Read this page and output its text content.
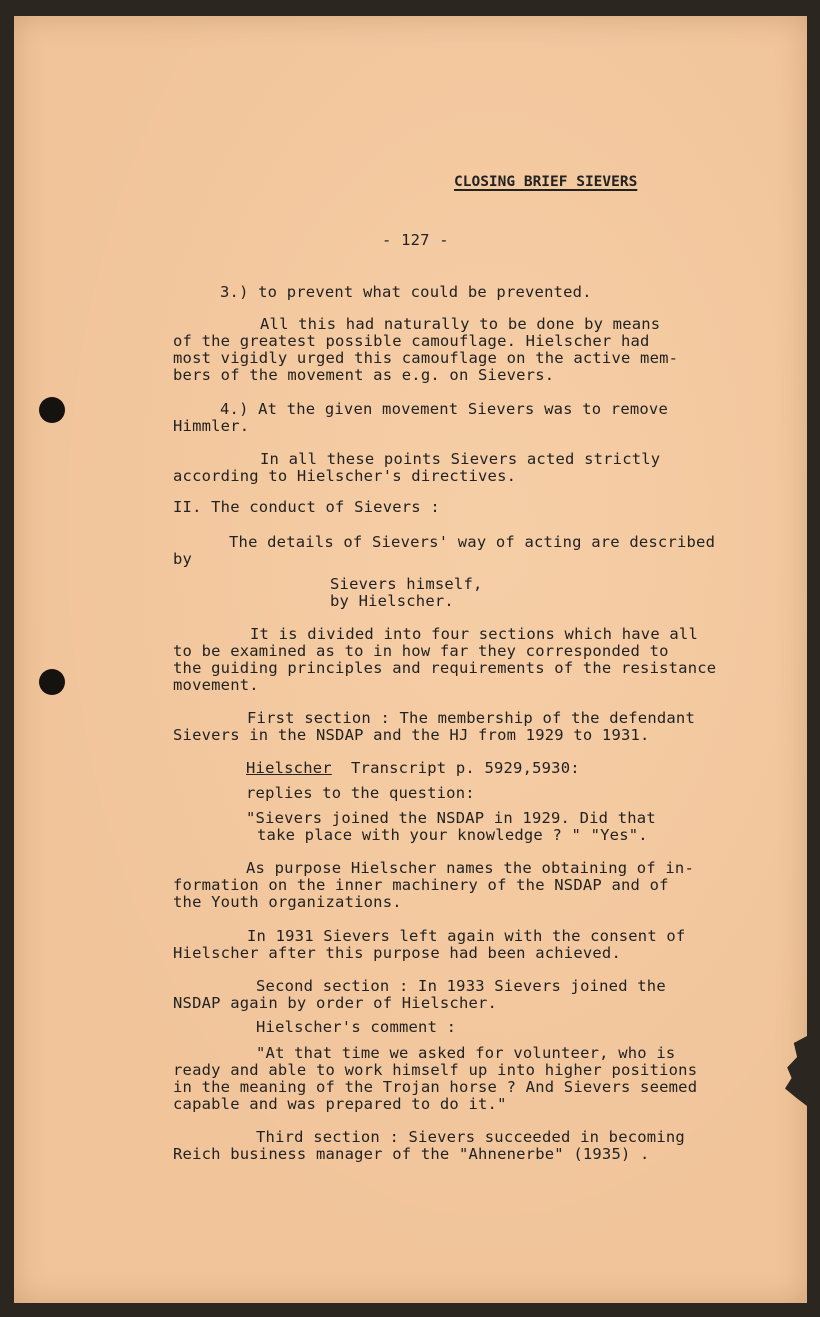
CLOSING BRIEF SIEVERS

- 127 -

3.) to prevent what could be prevented.

All this had naturally to be done by means

of the greatest possible camouflage. Hielscher had

most vigidly urged this camouflage on the active mem-

bers of the movement as e.g. on Sievers.

4.) At the given movement Sievers was to remove

Himmler.

In all these points Sievers acted strictly

according to Hielscher's directives.

II. The conduct of Sievers :

The details of Sievers' way of acting are described

by

Sievers himself,

by Hielscher.

It is divided into four sections which have all

to be examined as to in how far they corresponded to

the guiding principles and requirements of the resistance

movement.

First section : The membership of the defendant

Sievers in the NSDAP and the HJ from 1929 to 1931.

Hielscher Transcript p. 5929,5930:

replies to the question:

"Sievers joined the NSDAP in 1929. Did that

take place with your knowledge ? " "Yes".

As purpose Hielscher names the obtaining of in-

formation on the inner machinery of the NSDAP and of

the Youth organizations.

In 1931 Sievers left again with the consent of

Hielscher after this purpose had been achieved.

Second section : In 1933 Sievers joined the

NSDAP again by order of Hielscher.

Hielscher's comment :

"At that time we asked for volunteer, who is

ready and able to work himself up into higher positions

in the meaning of the Trojan horse ? And Sievers seemed

capable and was prepared to do it."

Third section : Sievers succeeded in becoming

Reich business manager of the "Ahnenerbe" (1935) .
